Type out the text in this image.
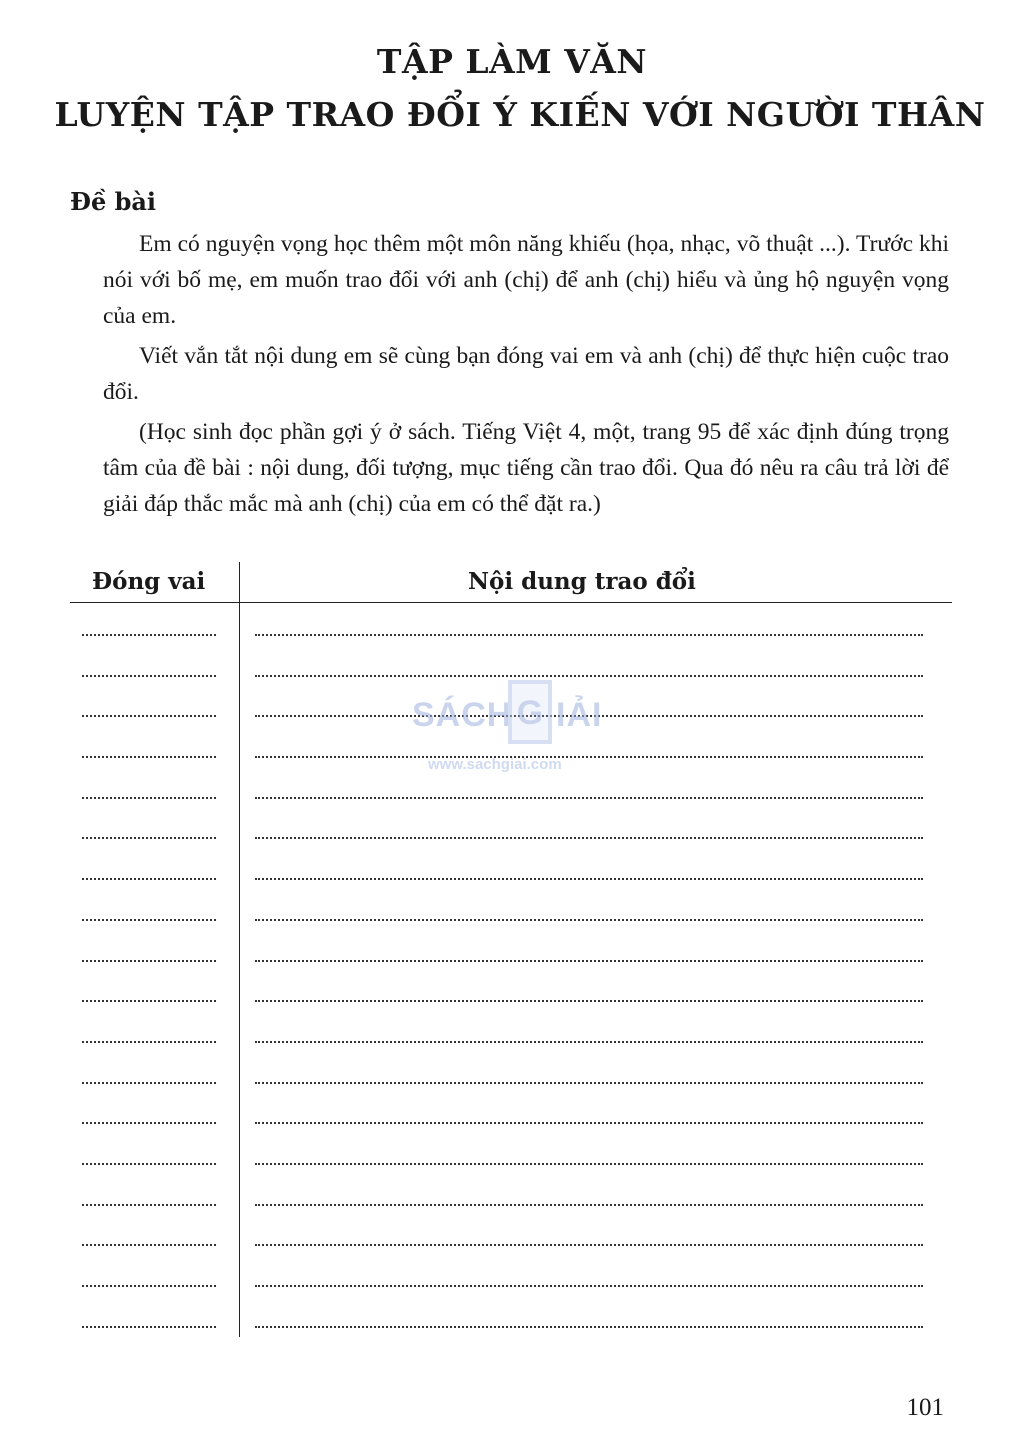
TẬP LÀM VĂN
LUYỆN TẬP TRAO ĐỔI Ý KIẾN VỚI NGƯỜI THÂN
Đề bài

Em có nguyện vọng học thêm một môn năng khiếu (họa, nhạc, võ thuật ...). Trước khi nói với bố mẹ, em muốn trao đổi với anh (chị) để anh (chị) hiểu và ủng hộ nguyện vọng của em.

Viết vắn tắt nội dung em sẽ cùng bạn đóng vai em và anh (chị) để thực hiện cuộc trao đổi.

(Học sinh đọc phần gợi ý ở sách. Tiếng Việt 4, một, trang 95 để xác định đúng trọng tâm của đề bài : nội dung, đối tượng, mục tiếng cần trao đổi. Qua đó nêu ra câu trả lời để giải đáp thắc mắc mà anh (chị) của em có thể đặt ra.)

Đóng vai	Nội dung trao đổi
SÁCH G IẢI
www.sachgiai.com
101
